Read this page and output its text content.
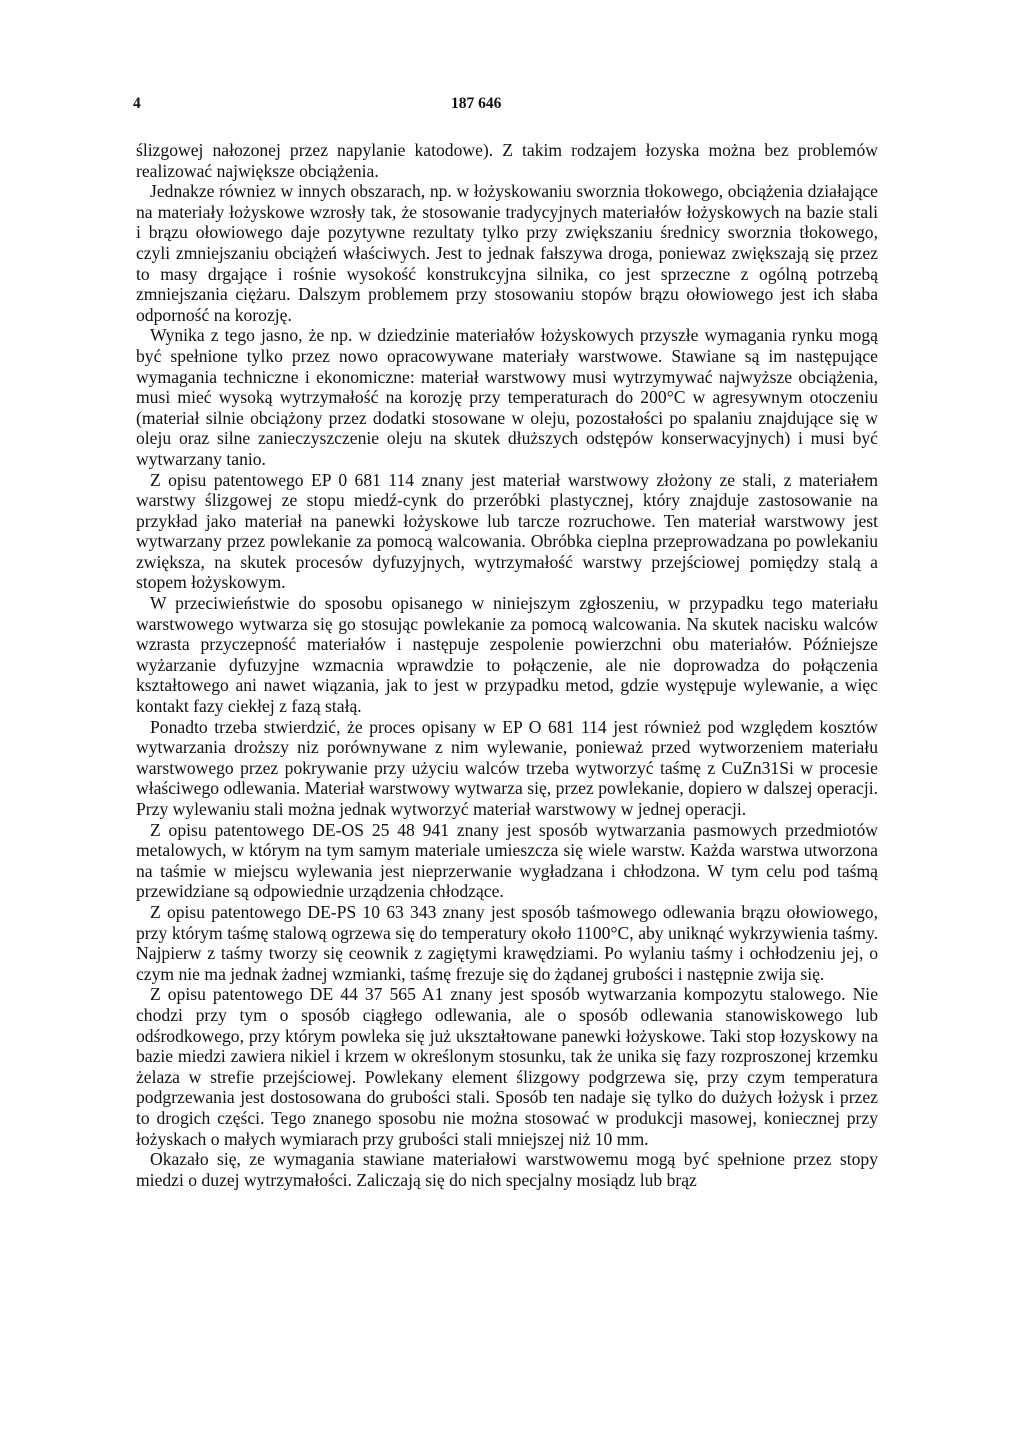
4	187 646

ślizgowej nałozonej przez napylanie katodowe). Z takim rodzajem łozyska można bez problemów realizować największe obciążenia.

Jednakze równiez w innych obszarach, np. w łożyskowaniu sworznia tłokowego, obciążenia działające na materiały łożyskowe wzrosły tak, że stosowanie tradycyjnych materiałów łożyskowych na bazie stali i brązu ołowiowego daje pozytywne rezultaty tylko przy zwiększaniu średnicy sworznia tłokowego, czyli zmniejszaniu obciążeń właściwych. Jest to jednak fałszywa droga, poniewaz zwiększają się przez to masy drgające i rośnie wysokość konstrukcyjna silnika, co jest sprzeczne z ogólną potrzebą zmniejszania ciężaru. Dalszym problemem przy stosowaniu stopów brązu ołowiowego jest ich słaba odporność na korozję.

Wynika z tego jasno, że np. w dziedzinie materiałów łożyskowych przyszłe wymagania rynku mogą być spełnione tylko przez nowo opracowywane materiały warstwowe. Stawiane są im następujące wymagania techniczne i ekonomiczne: materiał warstwowy musi wytrzymywać najwyższe obciążenia, musi mieć wysoką wytrzymałość na korozję przy temperaturach do 200°C w agresywnym otoczeniu (materiał silnie obciążony przez dodatki stosowane w oleju, pozostałości po spalaniu znajdujące się w oleju oraz silne zanieczyszczenie oleju na skutek dłuższych odstępów konserwacyjnych) i musi być wytwarzany tanio.

Z opisu patentowego EP 0 681 114 znany jest materiał warstwowy złożony ze stali, z materiałem warstwy ślizgowej ze stopu miedź-cynk do przeróbki plastycznej, który znajduje zastosowanie na przykład jako materiał na panewki łożyskowe lub tarcze rozruchowe. Ten materiał warstwowy jest wytwarzany przez powlekanie za pomocą walcowania. Obróbka cieplna przeprowadzana po powlekaniu zwiększa, na skutek procesów dyfuzyjnych, wytrzymałość warstwy przejściowej pomiędzy stalą a stopem łożyskowym.

W przeciwieństwie do sposobu opisanego w niniejszym zgłoszeniu, w przypadku tego materiału warstwowego wytwarza się go stosując powlekanie za pomocą walcowania. Na skutek nacisku walców wzrasta przyczepność materiałów i następuje zespolenie powierzchni obu materiałów. Późniejsze wyżarzanie dyfuzyjne wzmacnia wprawdzie to połączenie, ale nie doprowadza do połączenia kształtowego ani nawet wiązania, jak to jest w przypadku metod, gdzie występuje wylewanie, a więc kontakt fazy ciekłej z fazą stałą.

Ponadto trzeba stwierdzić, że proces opisany w EP O 681 114 jest również pod względem kosztów wytwarzania droższy niz porównywane z nim wylewanie, ponieważ przed wytworzeniem materiału warstwowego przez pokrywanie przy użyciu walców trzeba wytworzyć taśmę z CuZn31Si w procesie właściwego odlewania. Materiał warstwowy wytwarza się, przez powlekanie, dopiero w dalszej operacji. Przy wylewaniu stali można jednak wytworzyć materiał warstwowy w jednej operacji.

Z opisu patentowego DE-OS 25 48 941 znany jest sposób wytwarzania pasmowych przedmiotów metalowych, w którym na tym samym materiale umieszcza się wiele warstw. Każda warstwa utworzona na taśmie w miejscu wylewania jest nieprzerwanie wygładzana i chłodzona. W tym celu pod taśmą przewidziane są odpowiednie urządzenia chłodzące.

Z opisu patentowego DE-PS 10 63 343 znany jest sposób taśmowego odlewania brązu ołowiowego, przy którym taśmę stalową ogrzewa się do temperatury około 1100°C, aby uniknąć wykrzywienia taśmy. Najpierw z taśmy tworzy się ceownik z zagiętymi krawędziami. Po wylaniu taśmy i ochłodzeniu jej, o czym nie ma jednak żadnej wzmianki, taśmę frezuje się do żądanej grubości i następnie zwija się.

Z opisu patentowego DE 44 37 565 A1 znany jest sposób wytwarzania kompozytu stalowego. Nie chodzi przy tym o sposób ciągłego odlewania, ale o sposób odlewania stanowiskowego lub odśrodkowego, przy którym powleka się już ukształtowane panewki łożyskowe. Taki stop łozyskowy na bazie miedzi zawiera nikiel i krzem w określonym stosunku, tak że unika się fazy rozproszonej krzemku żelaza w strefie przejściowej. Powlekany element ślizgowy podgrzewa się, przy czym temperatura podgrzewania jest dostosowana do grubości stali. Sposób ten nadaje się tylko do dużych łożysk i przez to drogich części. Tego znanego sposobu nie można stosować w produkcji masowej, koniecznej przy łożyskach o małych wymiarach przy grubości stali mniejszej niż 10 mm.

Okazało się, ze wymagania stawiane materiałowi warstwowemu mogą być spełnione przez stopy miedzi o duzej wytrzymałości. Zaliczają się do nich specjalny mosiądz lub brąz
